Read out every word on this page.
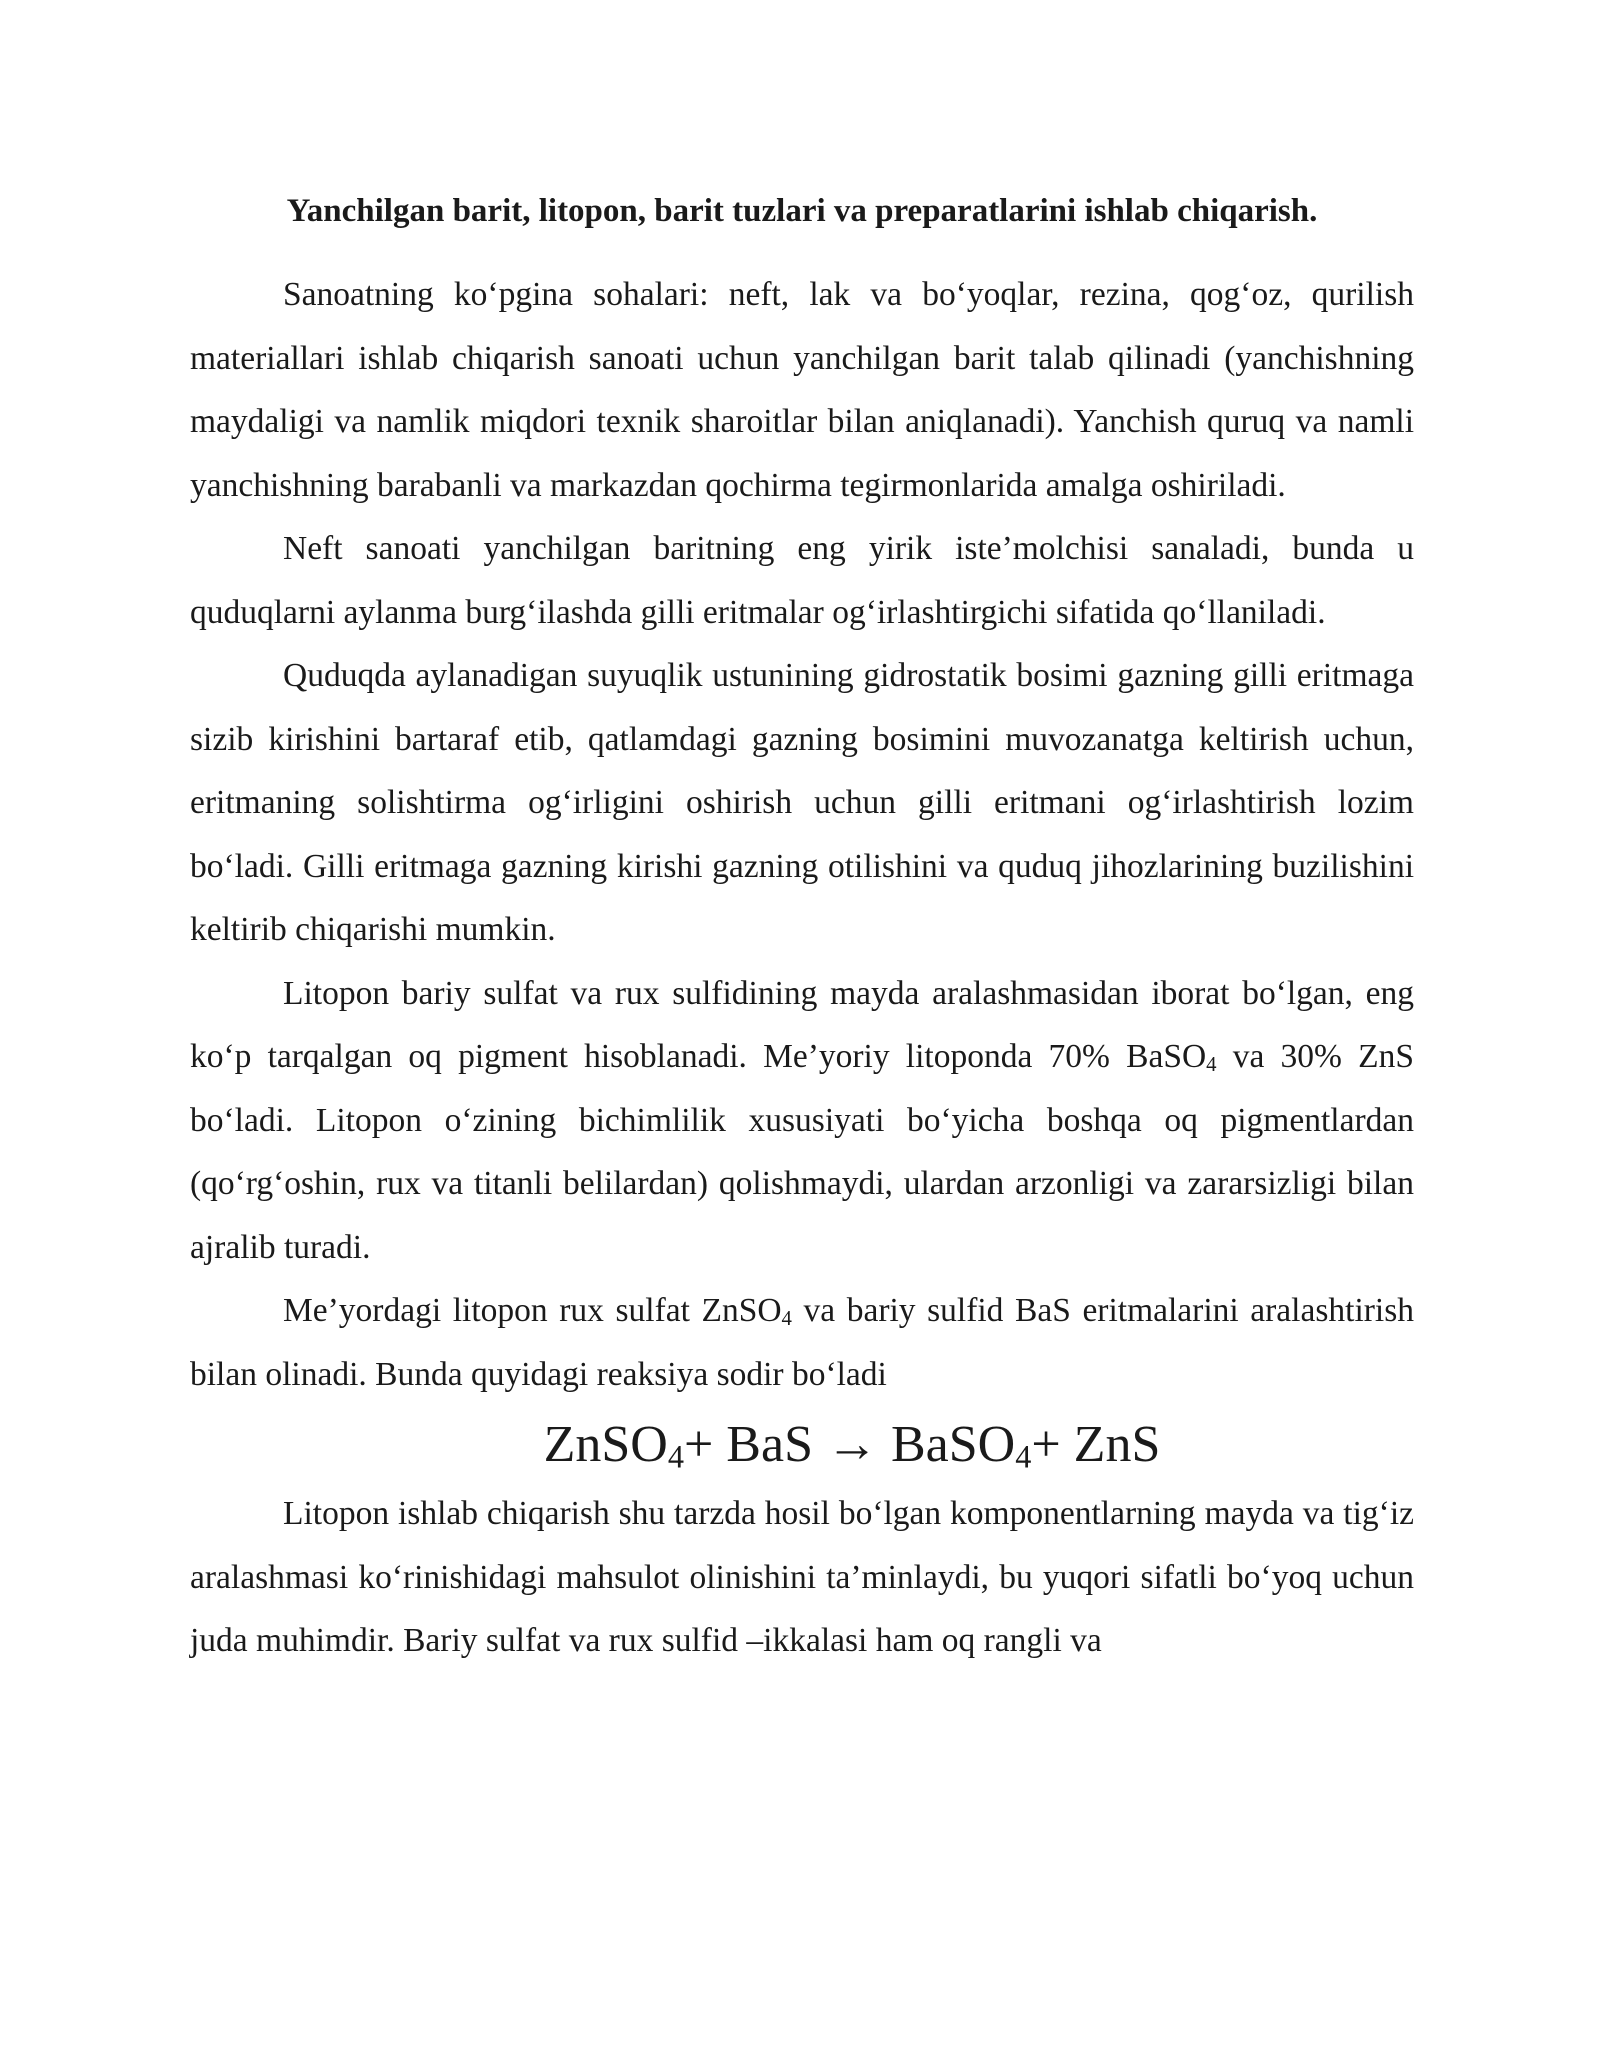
Yanchilgan barit, litopon, barit tuzlari va preparatlarini ishlab chiqarish.

Sanoatning ko‘pgina sohalari: neft, lak va bo‘yoqlar, rezina, qog‘oz, qurilish materiallari ishlab chiqarish sanoati uchun yanchilgan barit talab qilinadi (yanchishning maydaligi va namlik miqdori texnik sharoitlar bilan aniqlanadi). Yanchish quruq va namli yanchishning barabanli va markazdan qochirma tegirmonlarida amalga oshiriladi.

Neft sanoati yanchilgan baritning eng yirik iste’molchisi sanaladi, bunda u quduqlarni aylanma burg‘ilashda gilli eritmalar og‘irlashtirgichi sifatida qo‘llaniladi.

Quduqda aylanadigan suyuqlik ustunining gidrostatik bosimi gazning gilli eritmaga sizib kirishini bartaraf etib, qatlamdagi gazning bosimini muvozanatga keltirish uchun, eritmaning solishtirma og‘irligini oshirish uchun gilli eritmani og‘irlashtirish lozim bo‘ladi. Gilli eritmaga gazning kirishi gazning otilishini va quduq jihozlarining buzilishini keltirib chiqarishi mumkin.

Litopon bariy sulfat va rux sulfidining mayda aralashmasidan iborat bo‘lgan, eng ko‘p tarqalgan oq pigment hisoblanadi. Me’yoriy litoponda 70% BaSO$_4$ va 30% ZnS bo‘ladi. Litopon o‘zining bichimlilik xususiyati bo‘yicha boshqa oq pigmentlardan (qo‘rg‘oshin, rux va titanli belilardan) qolishmaydi, ulardan arzonligi va zararsizligi bilan ajralib turadi.

Me’yordagi litopon rux sulfat ZnSO$_4$ va bariy sulfid BaS eritmalarini aralashtirish bilan olinadi. Bunda quyidagi reaksiya sodir bo‘ladi

ZnSO$_4$+ BaS → BaSO$_4$+ ZnS

Litopon ishlab chiqarish shu tarzda hosil bo‘lgan komponentlarning mayda va tig‘iz aralashmasi ko‘rinishidagi mahsulot olinishini ta’minlaydi, bu yuqori sifatli bo‘yoq uchun juda muhimdir. Bariy sulfat va rux sulfid –ikkalasi ham oq rangli va
